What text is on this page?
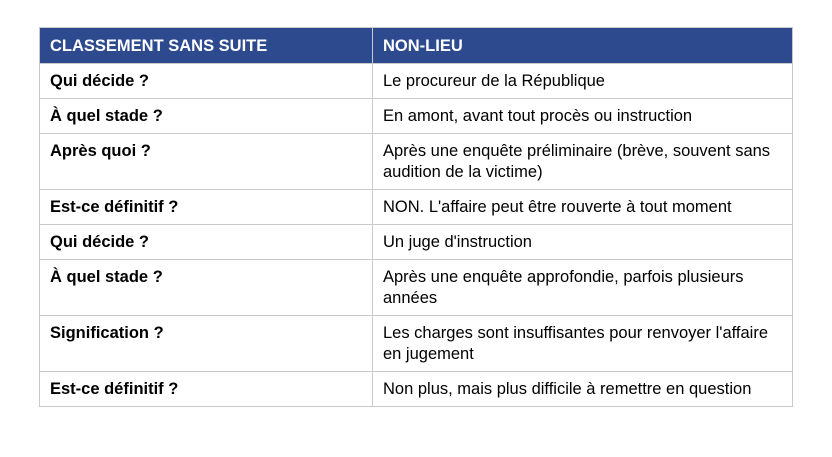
CLASSEMENT SANS SUITE	NON-LIEU
Qui décide ?	Le procureur de la République
À quel stade ?	En amont, avant tout procès ou instruction
Après quoi ?	Après une enquête préliminaire (brève, souvent sans audition de la victime)
Est-ce définitif ?	NON. L'affaire peut être rouverte à tout moment
Qui décide ?	Un juge d'instruction
À quel stade ?	Après une enquête approfondie, parfois plusieurs années
Signification ?	Les charges sont insuffisantes pour renvoyer l'affaire en jugement
Est-ce définitif ?	Non plus, mais plus difficile à remettre en question
